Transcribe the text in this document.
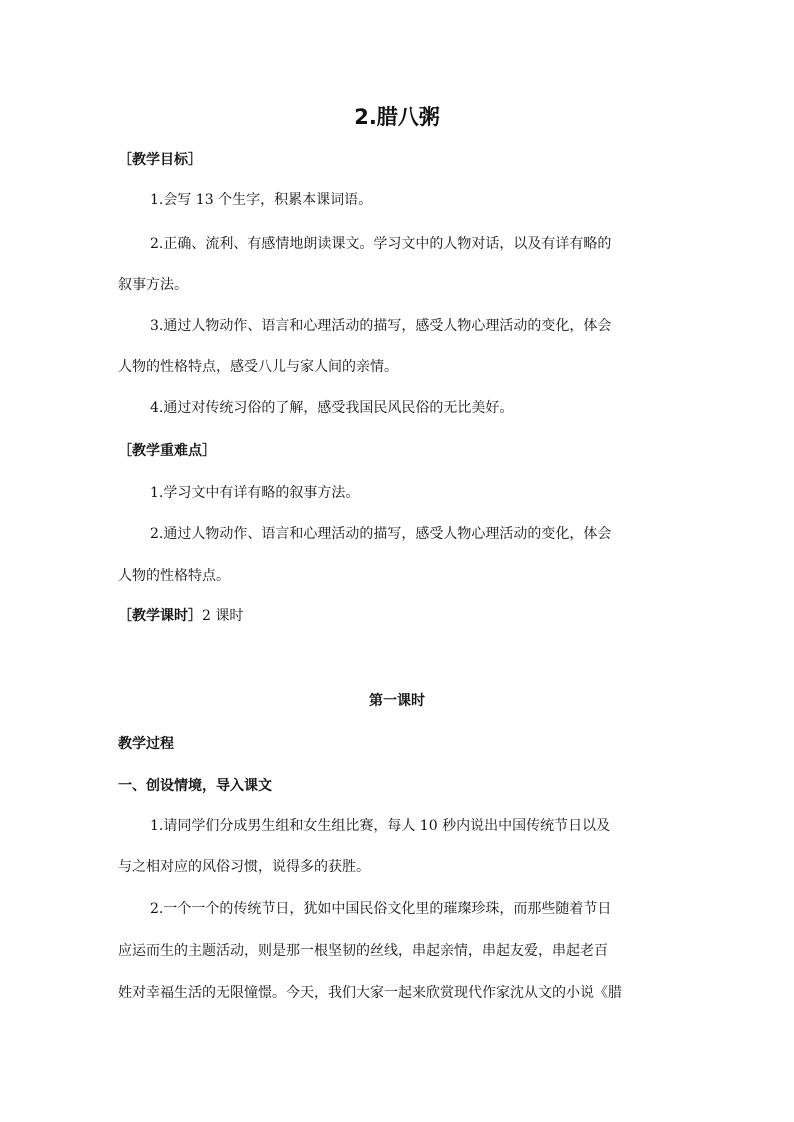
2.腊八粥
［教学目标］
1.会写 13 个生字，积累本课词语。
2.正确、流利、有感情地朗读课文。学习文中的人物对话，以及有详有略的
叙事方法。
3.通过人物动作、语言和心理活动的描写，感受人物心理活动的变化，体会
人物的性格特点，感受八儿与家人间的亲情。
4.通过对传统习俗的了解，感受我国民风民俗的无比美好。
［教学重难点］
1.学习文中有详有略的叙事方法。
2.通过人物动作、语言和心理活动的描写，感受人物心理活动的变化，体会
人物的性格特点。
［教学课时］2 课时
第一课时
教学过程
一、创设情境，导入课文
1.请同学们分成男生组和女生组比赛，每人 10 秒内说出中国传统节日以及
与之相对应的风俗习惯，说得多的获胜。
2.一个一个的传统节日，犹如中国民俗文化里的璀璨珍珠，而那些随着节日
应运而生的主题活动，则是那一根坚韧的丝线，串起亲情，串起友爱，串起老百
姓对幸福生活的无限憧憬。今天，我们大家一起来欣赏现代作家沈从文的小说《腊
